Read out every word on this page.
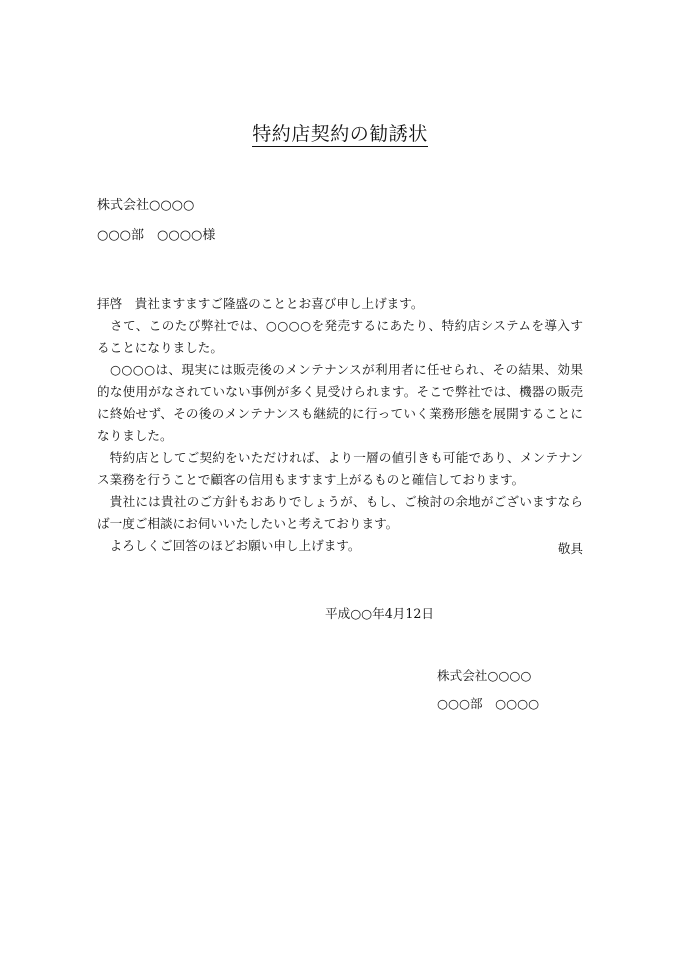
特約店契約の勧誘状
株式会社○○○○
○○○部　○○○○様
拝啓　貴社ますますご隆盛のこととお喜び申し上げます。
　さて、このたび弊社では、○○○○を発売するにあたり、特約店システムを導入す
ることになりました。
　○○○○は、現実には販売後のメンテナンスが利用者に任せられ、その結果、効果
的な使用がなされていない事例が多く見受けられます。そこで弊社では、機器の販売
に終始せず、その後のメンテナンスも継続的に行っていく業務形態を展開することに
なりました。
　特約店としてご契約をいただければ、より一層の値引きも可能であり、メンテナン
ス業務を行うことで顧客の信用もますます上がるものと確信しております。
　貴社には貴社のご方針もおありでしょうが、もし、ご検討の余地がございますなら
ば一度ご相談にお伺いいたしたいと考えております。
　よろしくご回答のほどお願い申し上げます。	敬具
平成○○年4月12日
株式会社○○○○
○○○部　○○○○
